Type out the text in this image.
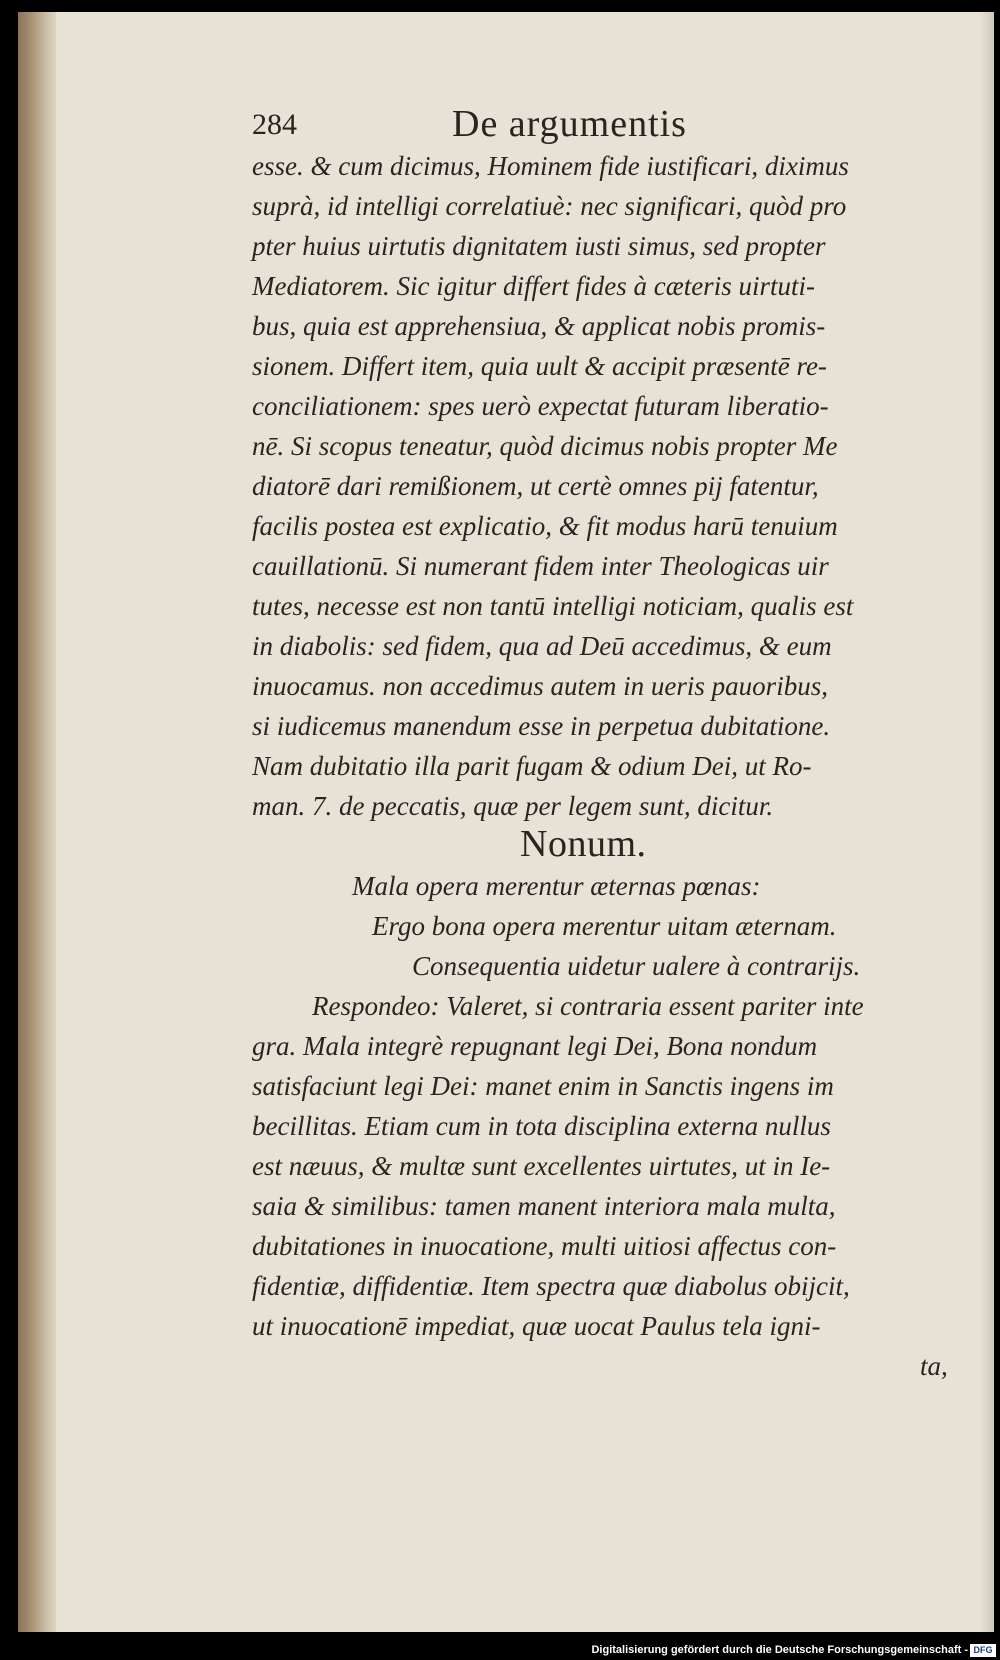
284	De argumentis
esse. & cum dicimus, Hominem fide iustificari, diximus
suprà, id intelligi correlatiuè: nec significari, quòd pro
pter huius uirtutis dignitatem iusti simus, sed propter
Mediatorem. Sic igitur differt fides à cæteris uirtuti-
bus, quia est apprehensiua, & applicat nobis promis-
sionem. Differt item, quia uult & accipit præsentē re-
conciliationem: spes uerò expectat futuram liberatio-
nē. Si scopus teneatur, quòd dicimus nobis propter Me
diatorē dari remißionem, ut certè omnes pij fatentur,
facilis postea est explicatio, & fit modus harū tenuium
cauillationū. Si numerant fidem inter Theologicas uir
tutes, necesse est non tantū intelligi noticiam, qualis est
in diabolis: sed fidem, qua ad Deū accedimus, & eum
inuocamus. non accedimus autem in ueris pauoribus,
si iudicemus manendum esse in perpetua dubitatione.
Nam dubitatio illa parit fugam & odium Dei, ut Ro-
man. 7. de peccatis, quæ per legem sunt, dicitur.
Nonum.
Mala opera merentur æternas pœnas:
Ergo bona opera merentur uitam æternam.
Consequentia uidetur ualere à contrarijs.
Respondeo: Valeret, si contraria essent pariter inte
gra. Mala integrè repugnant legi Dei, Bona nondum
satisfaciunt legi Dei: manet enim in Sanctis ingens im
becillitas. Etiam cum in tota disciplina externa nullus
est næuus, & multæ sunt excellentes uirtutes, ut in Ie-
saia & similibus: tamen manent interiora mala multa,
dubitationes in inuocatione, multi uitiosi affectus con-
fidentiæ, diffidentiæ. Item spectra quæ diabolus obijcit,
ut inuocationē impediat, quæ uocat Paulus tela igni-
ta,
Digitalisierung gefördert durch die Deutsche Forschungsgemeinschaft - DFG
